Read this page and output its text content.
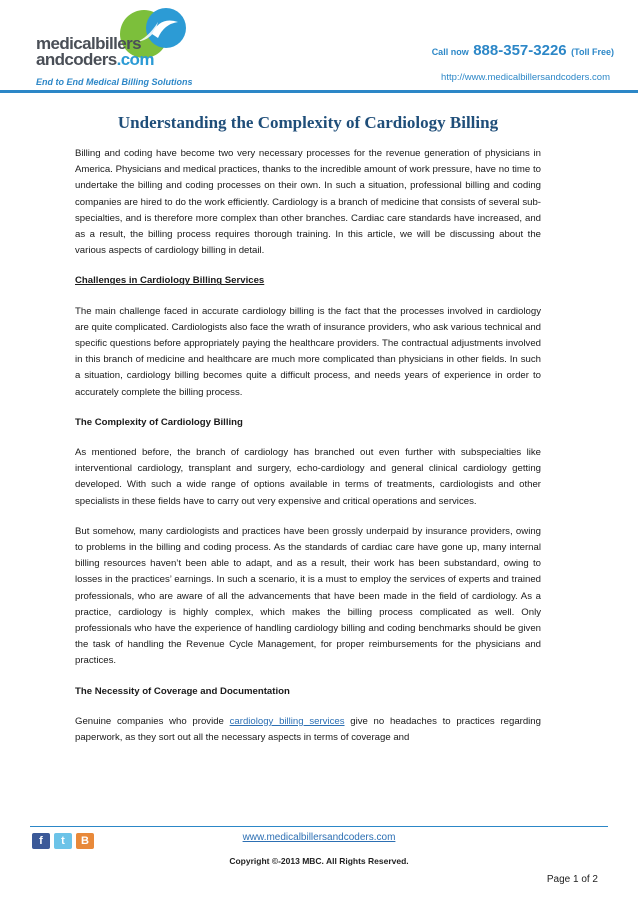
medicalbillers
andcoders.com
End to End Medical Billing Solutions
Call now 888-357-3226 (Toll Free)
http://www.medicalbillersandcoders.com
Understanding the Complexity of Cardiology Billing

Billing and coding have become two very necessary processes for the revenue generation of physicians in America. Physicians and medical practices, thanks to the incredible amount of work pressure, have no time to undertake the billing and coding processes on their own. In such a situation, professional billing and coding companies are hired to do the work efficiently. Cardiology is a branch of medicine that consists of several sub-specialties, and is therefore more complex than other branches. Cardiac care standards have increased, and as a result, the billing process requires thorough training. In this article, we will be discussing about the various aspects of cardiology billing in detail.

Challenges in Cardiology Billing Services

The main challenge faced in accurate cardiology billing is the fact that the processes involved in cardiology are quite complicated. Cardiologists also face the wrath of insurance providers, who ask various technical and specific questions before appropriately paying the healthcare providers. The contractual adjustments involved in this branch of medicine and healthcare are much more complicated than physicians in other fields. In such a situation, cardiology billing becomes quite a difficult process, and needs years of experience in order to accurately complete the billing process.

The Complexity of Cardiology Billing

As mentioned before, the branch of cardiology has branched out even further with subspecialties like interventional cardiology, transplant and surgery, echo-cardiology and general clinical cardiology getting developed. With such a wide range of options available in terms of treatments, cardiologists and other specialists in these fields have to carry out very expensive and critical operations and services.

But somehow, many cardiologists and practices have been grossly underpaid by insurance providers, owing to problems in the billing and coding process. As the standards of cardiac care have gone up, many internal billing resources haven’t been able to adapt, and as a result, their work has been substandard, owing to losses in the practices’ earnings. In such a scenario, it is a must to employ the services of experts and trained professionals, who are aware of all the advancements that have been made in the field of cardiology. As a practice, cardiology is highly complex, which makes the billing process complicated as well. Only professionals who have the experience of handling cardiology billing and coding benchmarks should be given the task of handling the Revenue Cycle Management, for proper reimbursements for the physicians and practices.

The Necessity of Coverage and Documentation

Genuine companies who provide cardiology billing services give no headaches to practices regarding paperwork, as they sort out all the necessary aspects in terms of coverage and

f	t	B	www.medicalbillersandcoders.com
Copyright ©-2013 MBC. All Rights Reserved.
Page 1 of 2
